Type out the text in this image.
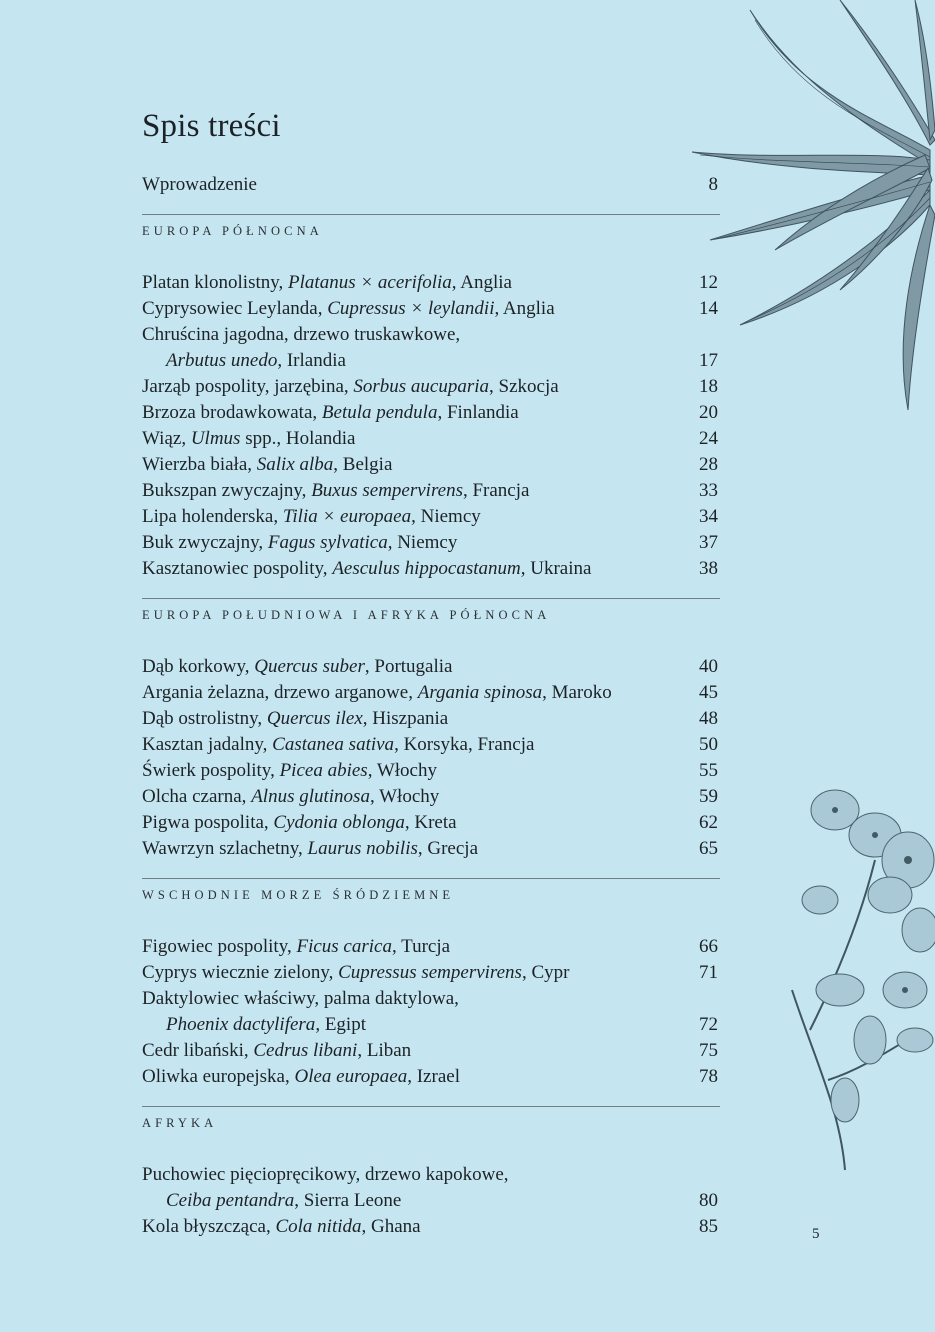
Spis treści
Wprowadzenie	8
EUROPA PÓŁNOCNA
Platan klonolistny, Platanus × acerifolia, Anglia	12
Cyprysowiec Leylanda, Cupressus × leylandii, Anglia	14
Chruścina jagodna, drzewo truskawkowe,
Arbutus unedo, Irlandia	17
Jarząb pospolity, jarzębina, Sorbus aucuparia, Szkocja	18
Brzoza brodawkowata, Betula pendula, Finlandia	20
Wiąz, Ulmus spp., Holandia	24
Wierzba biała, Salix alba, Belgia	28
Bukszpan zwyczajny, Buxus sempervirens, Francja	33
Lipa holenderska, Tilia × europaea, Niemcy	34
Buk zwyczajny, Fagus sylvatica, Niemcy	37
Kasztanowiec pospolity, Aesculus hippocastanum, Ukraina	38
EUROPA POŁUDNIOWA I AFRYKA PÓŁNOCNA
Dąb korkowy, Quercus suber, Portugalia	40
Argania żelazna, drzewo arganowe, Argania spinosa, Maroko	45
Dąb ostrolistny, Quercus ilex, Hiszpania	48
Kasztan jadalny, Castanea sativa, Korsyka, Francja	50
Świerk pospolity, Picea abies, Włochy	55
Olcha czarna, Alnus glutinosa, Włochy	59
Pigwa pospolita, Cydonia oblonga, Kreta	62
Wawrzyn szlachetny, Laurus nobilis, Grecja	65
WSCHODNIE MORZE ŚRÓDZIEMNE
Figowiec pospolity, Ficus carica, Turcja	66
Cyprys wiecznie zielony, Cupressus sempervirens, Cypr	71
Daktylowiec właściwy, palma daktylowa,
Phoenix dactylifera, Egipt	72
Cedr libański, Cedrus libani, Liban	75
Oliwka europejska, Olea europaea, Izrael	78
AFRYKA
Puchowiec pięciopręcikowy, drzewo kapokowe,
Ceiba pentandra, Sierra Leone	80
Kola błyszcząca, Cola nitida, Ghana	85	5
